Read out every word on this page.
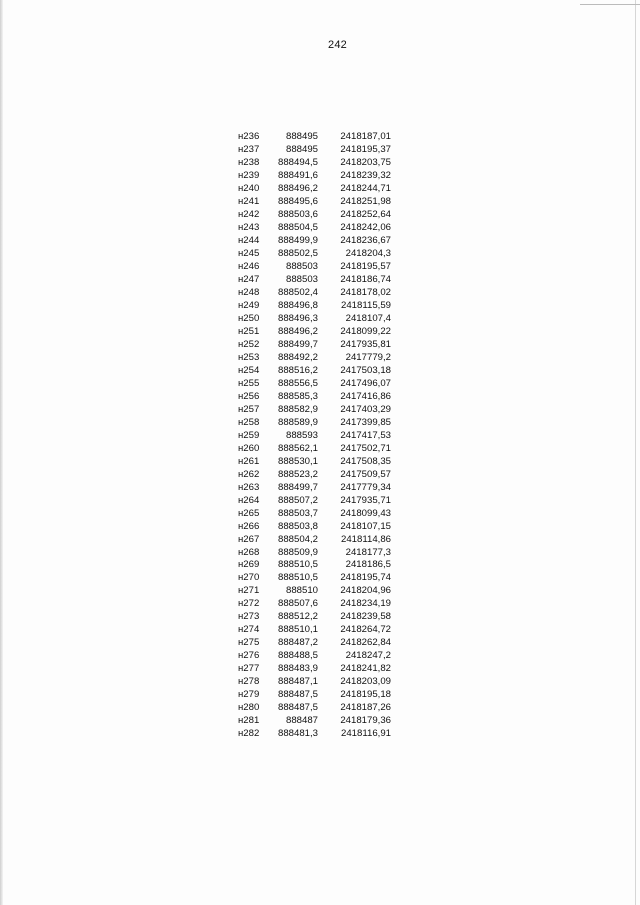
242
н236	888495	2418187,01
н237	888495	2418195,37
н238	888494,5	2418203,75
н239	888491,6	2418239,32
н240	888496,2	2418244,71
н241	888495,6	2418251,98
н242	888503,6	2418252,64
н243	888504,5	2418242,06
н244	888499,9	2418236,67
н245	888502,5	2418204,3
н246	888503	2418195,57
н247	888503	2418186,74
н248	888502,4	2418178,02
н249	888496,8	2418115,59
н250	888496,3	2418107,4
н251	888496,2	2418099,22
н252	888499,7	2417935,81
н253	888492,2	2417779,2
н254	888516,2	2417503,18
н255	888556,5	2417496,07
н256	888585,3	2417416,86
н257	888582,9	2417403,29
н258	888589,9	2417399,85
н259	888593	2417417,53
н260	888562,1	2417502,71
н261	888530,1	2417508,35
н262	888523,2	2417509,57
н263	888499,7	2417779,34
н264	888507,2	2417935,71
н265	888503,7	2418099,43
н266	888503,8	2418107,15
н267	888504,2	2418114,86
н268	888509,9	2418177,3
н269	888510,5	2418186,5
н270	888510,5	2418195,74
н271	888510	2418204,96
н272	888507,6	2418234,19
н273	888512,2	2418239,58
н274	888510,1	2418264,72
н275	888487,2	2418262,84
н276	888488,5	2418247,2
н277	888483,9	2418241,82
н278	888487,1	2418203,09
н279	888487,5	2418195,18
н280	888487,5	2418187,26
н281	888487	2418179,36
н282	888481,3	2418116,91
